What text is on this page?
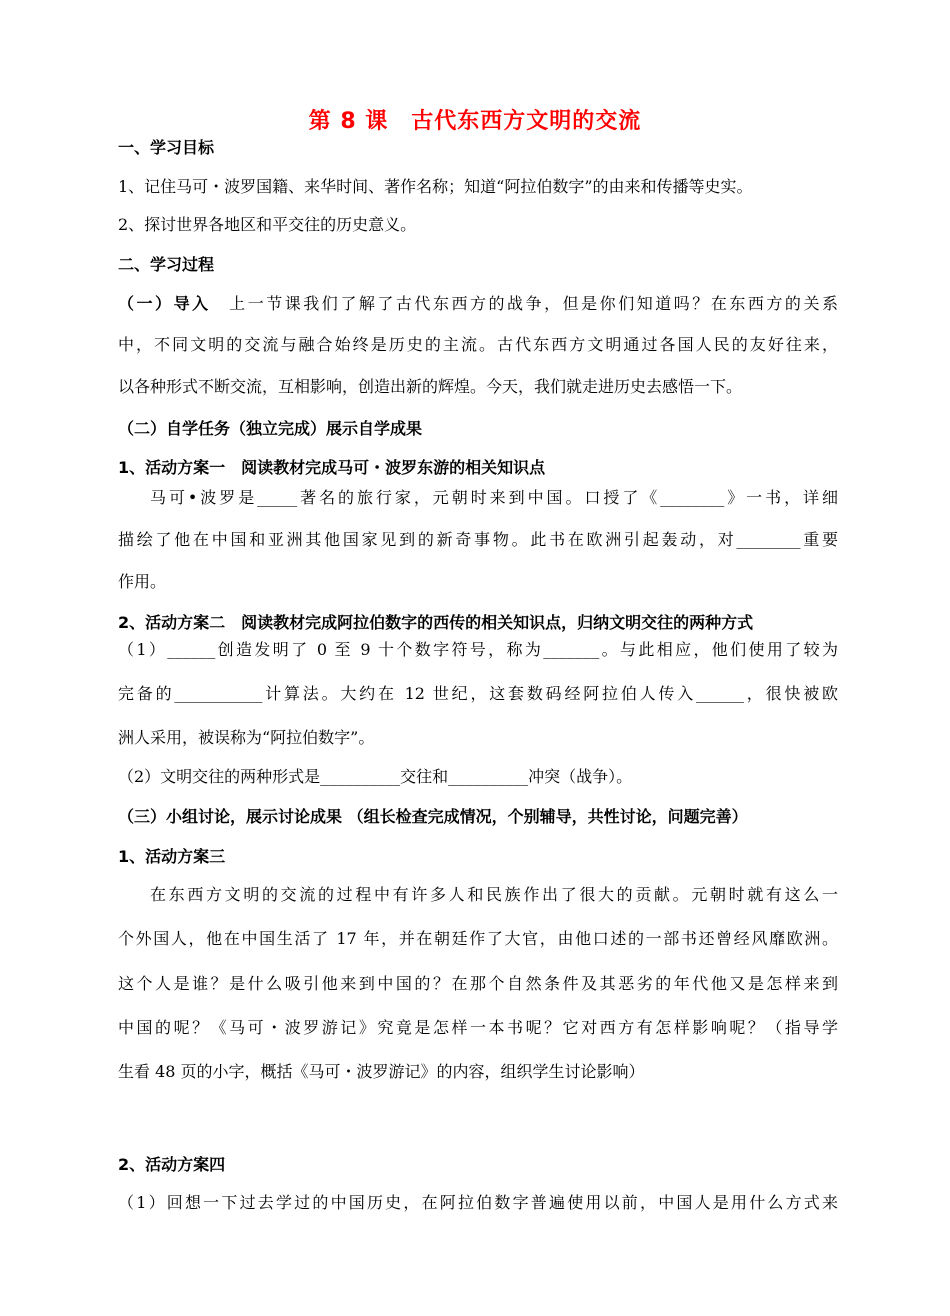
第 8 课　古代东西方文明的交流
一、学习目标
1、记住马可・波罗国籍、来华时间、著作名称；知道“阿拉伯数字”的由来和传播等史实。
2、探讨世界各地区和平交往的历史意义。
二、学习过程
（一）导入　上一节课我们了解了古代东西方的战争，但是你们知道吗？在东西方的关系
中，不同文明的交流与融合始终是历史的主流。古代东西方文明通过各国人民的友好往来，
以各种形式不断交流，互相影响，创造出新的辉煌。今天，我们就走进历史去感悟一下。
（二）自学任务（独立完成）展示自学成果
1、活动方案一　阅读教材完成马可・波罗东游的相关知识点
马可•波罗是_____著名的旅行家，元朝时来到中国。口授了《________》一书，详细
描绘了他在中国和亚洲其他国家见到的新奇事物。此书在欧洲引起轰动，对________重要
作用。
2、活动方案二　阅读教材完成阿拉伯数字的西传的相关知识点，归纳文明交往的两种方式
（1）______创造发明了 0 至 9 十个数字符号，称为_______。与此相应，他们使用了较为
完备的___________计算法。大约在 12 世纪，这套数码经阿拉伯人传入______，很快被欧
洲人采用，被误称为“阿拉伯数字”。
（2）文明交往的两种形式是__________交往和__________冲突（战争）。
（三）小组讨论，展示讨论成果 （组长检查完成情况，个别辅导，共性讨论，问题完善）
1、活动方案三
在东西方文明的交流的过程中有许多人和民族作出了很大的贡献。元朝时就有这么一
个外国人，他在中国生活了 17 年，并在朝廷作了大官，由他口述的一部书还曾经风靡欧洲。
这个人是谁？是什么吸引他来到中国的？在那个自然条件及其恶劣的年代他又是怎样来到
中国的呢？《马可・波罗游记》究竟是怎样一本书呢？它对西方有怎样影响呢？（指导学
生看 48 页的小字，概括《马可・波罗游记》的内容，组织学生讨论影响）
2、活动方案四
（1）回想一下过去学过的中国历史，在阿拉伯数字普遍使用以前，中国人是用什么方式来
